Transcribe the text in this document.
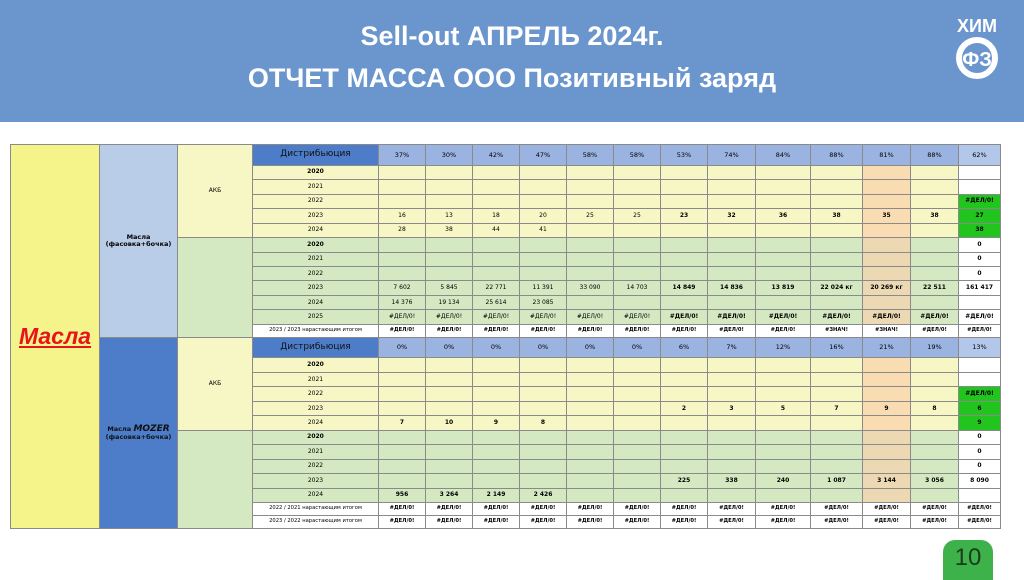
Sell-out АПРЕЛЬ 2024г.
ОТЧЕТ МАССА ООО Позитивный заряд
ХИМ
ФЗ
Масла	Масла
(фасовка+бочка)	АКБ	Дистрибьюция	37%	30%	42%	47%	58%	58%	53%	74%	84%	88%	81%	88%	62%
			2020													
			2021													
			2022													#ДЕЛ/0!
			2023	16	13	18	20	25	25	23	32	36	38	35	38	27
			2024	28	38	44	41									38
			2020													0
			2021													0
			2022													0
			2023	7 602	5 845	22 771	11 391	33 090	14 703	14 849	14 836	13 819	22 024 кг	20 269 кг	22 511	161 417
			2024	14 376	19 134	25 614	23 085									
			2025	#ДЕЛ/0!	#ДЕЛ/0!	#ДЕЛ/0!	#ДЕЛ/0!	#ДЕЛ/0!	#ДЕЛ/0!	#ДЕЛ/0!	#ДЕЛ/0!	#ДЕЛ/0!	#ДЕЛ/0!	#ДЕЛ/0!	#ДЕЛ/0!	#ДЕЛ/0!
			2023 / 2023 нарастающим итогом	#ДЕЛ/0!	#ДЕЛ/0!	#ДЕЛ/0!	#ДЕЛ/0!	#ДЕЛ/0!	#ДЕЛ/0!	#ДЕЛ/0!	#ДЕЛ/0!	#ДЕЛ/0!	#ЗНАЧ!	#ЗНАЧ!	#ДЕЛ/0!	#ДЕЛ/0!
	Масла MOZER
(фасовка+бочка)	АКБ	Дистрибьюция	0%	0%	0%	0%	0%	0%	6%	7%	12%	16%	21%	19%	13%
			2020													
			2021													
			2022													#ДЕЛ/0!
			2023							2	3	5	7	9	8	6
			2024	7	10	9	8									9
			2020													0
			2021													0
			2022													0
			2023							225	338	240	1 087	3 144	3 056	8 090
			2024	956	3 264	2 149	2 426									
			2022 / 2021 нарастающим итогом	#ДЕЛ/0!	#ДЕЛ/0!	#ДЕЛ/0!	#ДЕЛ/0!	#ДЕЛ/0!	#ДЕЛ/0!	#ДЕЛ/0!	#ДЕЛ/0!	#ДЕЛ/0!	#ДЕЛ/0!	#ДЕЛ/0!	#ДЕЛ/0!	#ДЕЛ/0!
			2023 / 2022 нарастающим итогом	#ДЕЛ/0!	#ДЕЛ/0!	#ДЕЛ/0!	#ДЕЛ/0!	#ДЕЛ/0!	#ДЕЛ/0!	#ДЕЛ/0!	#ДЕЛ/0!	#ДЕЛ/0!	#ДЕЛ/0!	#ДЕЛ/0!	#ДЕЛ/0!	#ДЕЛ/0!
10
